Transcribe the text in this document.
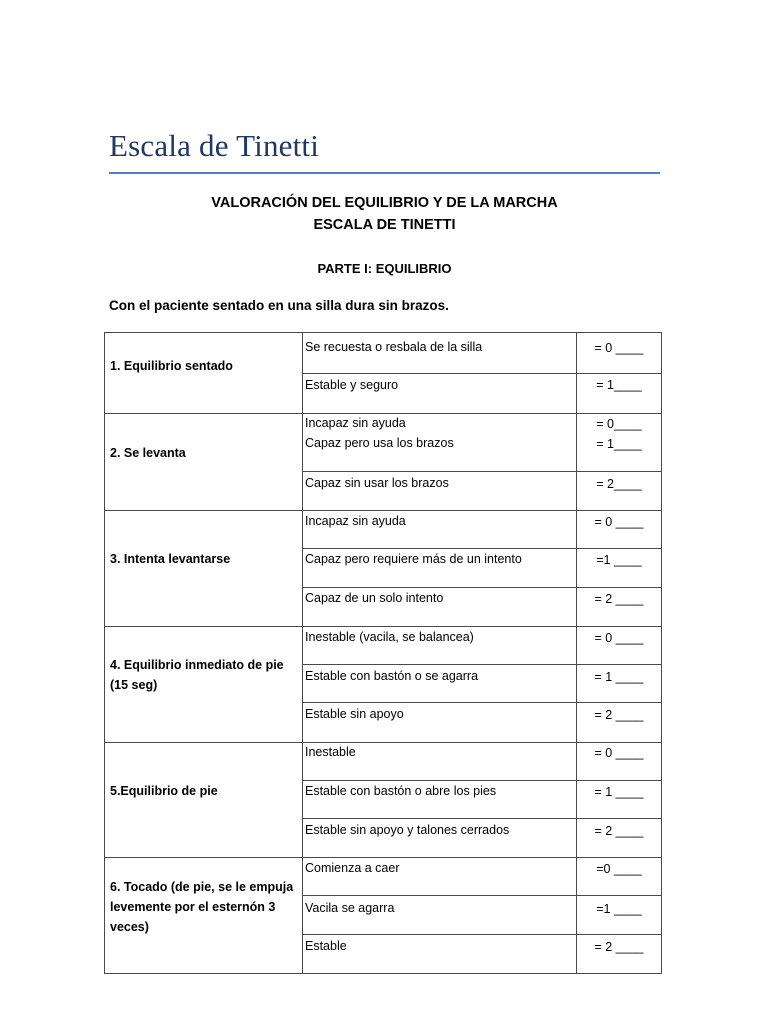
Escala de Tinetti
VALORACIÓN DEL EQUILIBRIO Y DE LA MARCHA
ESCALA DE TINETTI
PARTE I: EQUILIBRIO
Con el paciente sentado en una silla dura sin brazos.
1. Equilibrio sentado
Se recuesta o resbala de la silla	= 0 ____
Estable y seguro	= 1____
2. Se levanta
Incapaz sin ayuda	= 0____
Capaz pero usa los brazos	= 1____
Capaz sin usar los brazos	= 2____
3. Intenta levantarse
Incapaz sin ayuda	= 0 ____
Capaz pero requiere más de un intento	=1 ____
Capaz de un solo intento	= 2 ____
4. Equilibrio inmediato de pie (15 seg)
Inestable (vacila, se balancea)	= 0 ____
Estable con bastón o se agarra	= 1 ____
Estable sin apoyo	= 2 ____
5.Equilibrio de pie
Inestable	= 0 ____
Estable con bastón o abre los pies	= 1 ____
Estable sin apoyo y talones cerrados	= 2 ____
6. Tocado (de pie, se le empuja levemente por el esternón 3 veces)
Comienza a caer	=0 ____
Vacila se agarra	=1 ____
Estable	= 2 ____
